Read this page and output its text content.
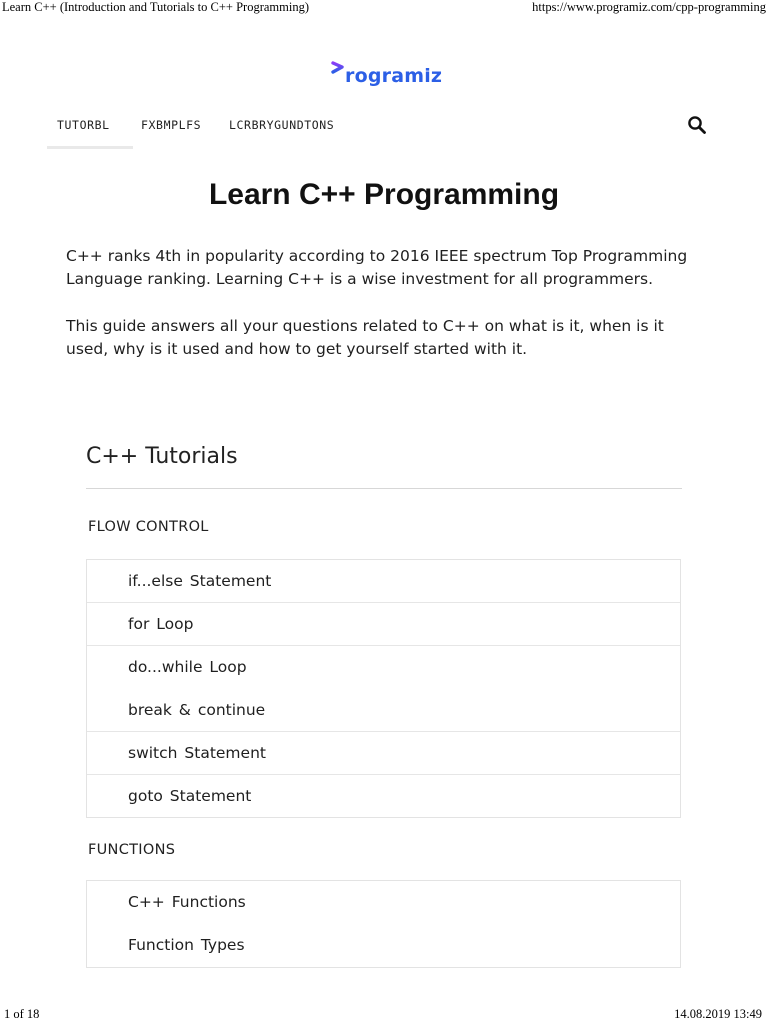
Learn C++ (Introduction and Tutorials to C++ Programming)	https://www.programiz.com/cpp-programming
rogramiz
TUTORBL	FXBMPLFS LCRBRYGUNDTONS
Learn C++ Programming

C++ ranks 4th in popularity according to 2016 IEEE spectrum Top Programming Language ranking. Learning C++ is a wise investment for all programmers.

This guide answers all your questions related to C++ on what is it, when is it used, why is it used and how to get yourself started with it.

C++ Tutorials
FLOW CONTROL
if...else Statement
for Loop
do...while Loop
break & continue
switch Statement
goto Statement
FUNCTIONS
C++ Functions
Function Types
1 of 18	14.08.2019 13:49
